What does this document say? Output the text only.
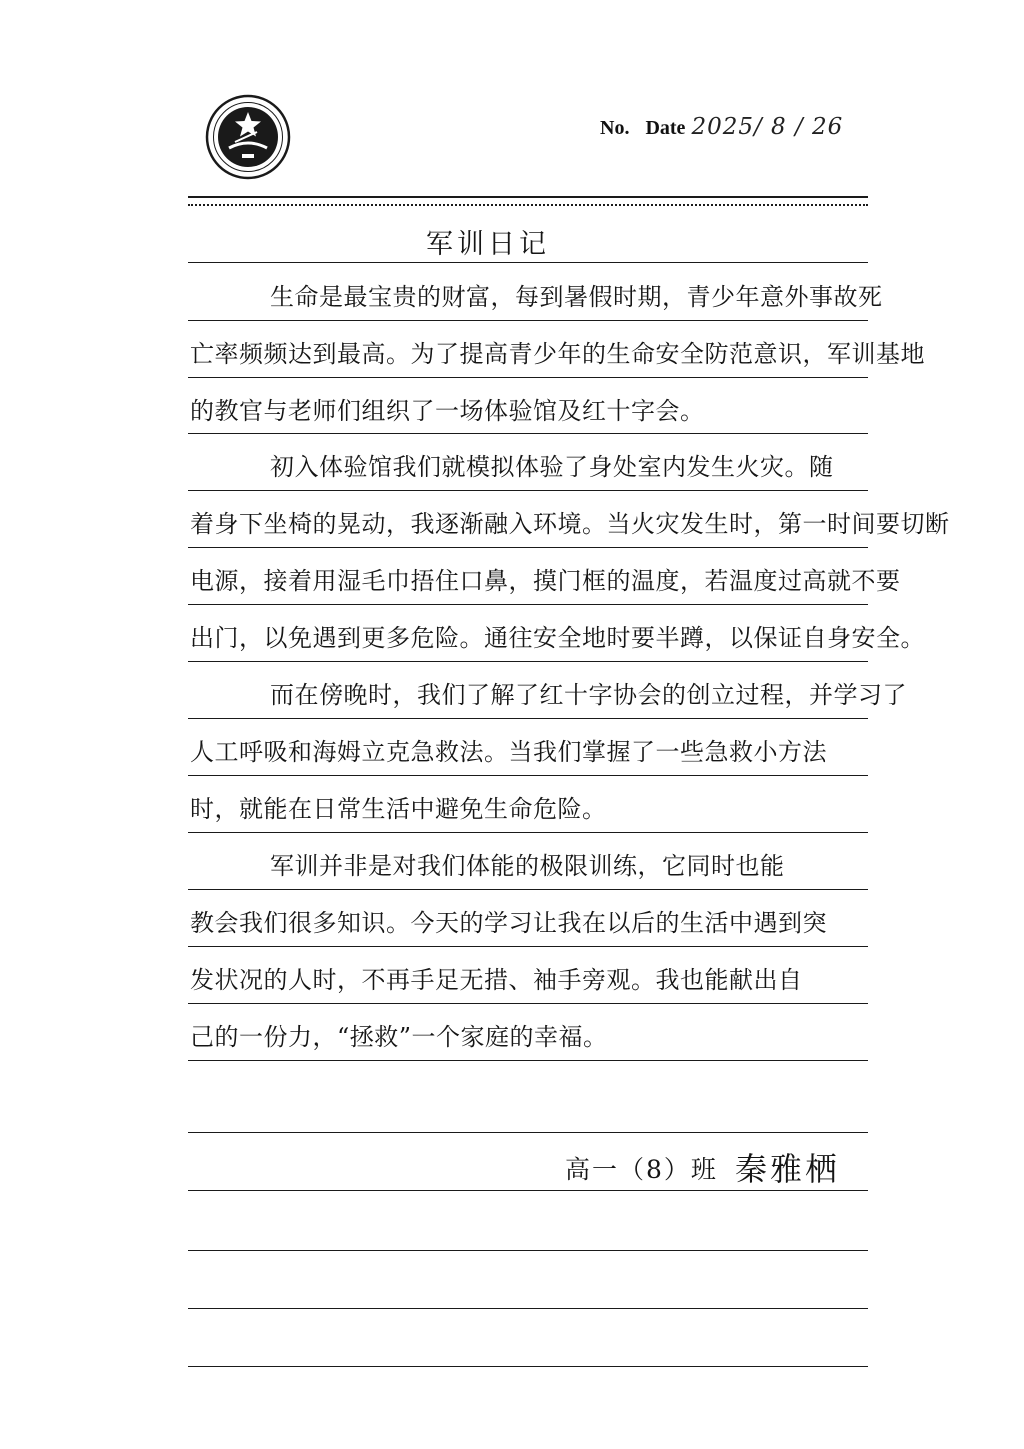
No. Date 2025/ 8 / 26
军训日记
生命是最宝贵的财富，每到暑假时期，青少年意外事故死
亡率频频达到最高。为了提高青少年的生命安全防范意识，军训基地
的教官与老师们组织了一场体验馆及红十字会。
初入体验馆我们就模拟体验了身处室内发生火灾。随
着身下坐椅的晃动，我逐渐融入环境。当火灾发生时，第一时间要切断
电源，接着用湿毛巾捂住口鼻，摸门框的温度，若温度过高就不要
出门，以免遇到更多危险。通往安全地时要半蹲，以保证自身安全。
而在傍晚时，我们了解了红十字协会的创立过程，并学习了
人工呼吸和海姆立克急救法。当我们掌握了一些急救小方法
时，就能在日常生活中避免生命危险。
军训并非是对我们体能的极限训练，它同时也能
教会我们很多知识。今天的学习让我在以后的生活中遇到突
发状况的人时，不再手足无措、袖手旁观。我也能献出自
己的一份力，“拯救”一个家庭的幸福。
高一（8）班 秦雅栖
